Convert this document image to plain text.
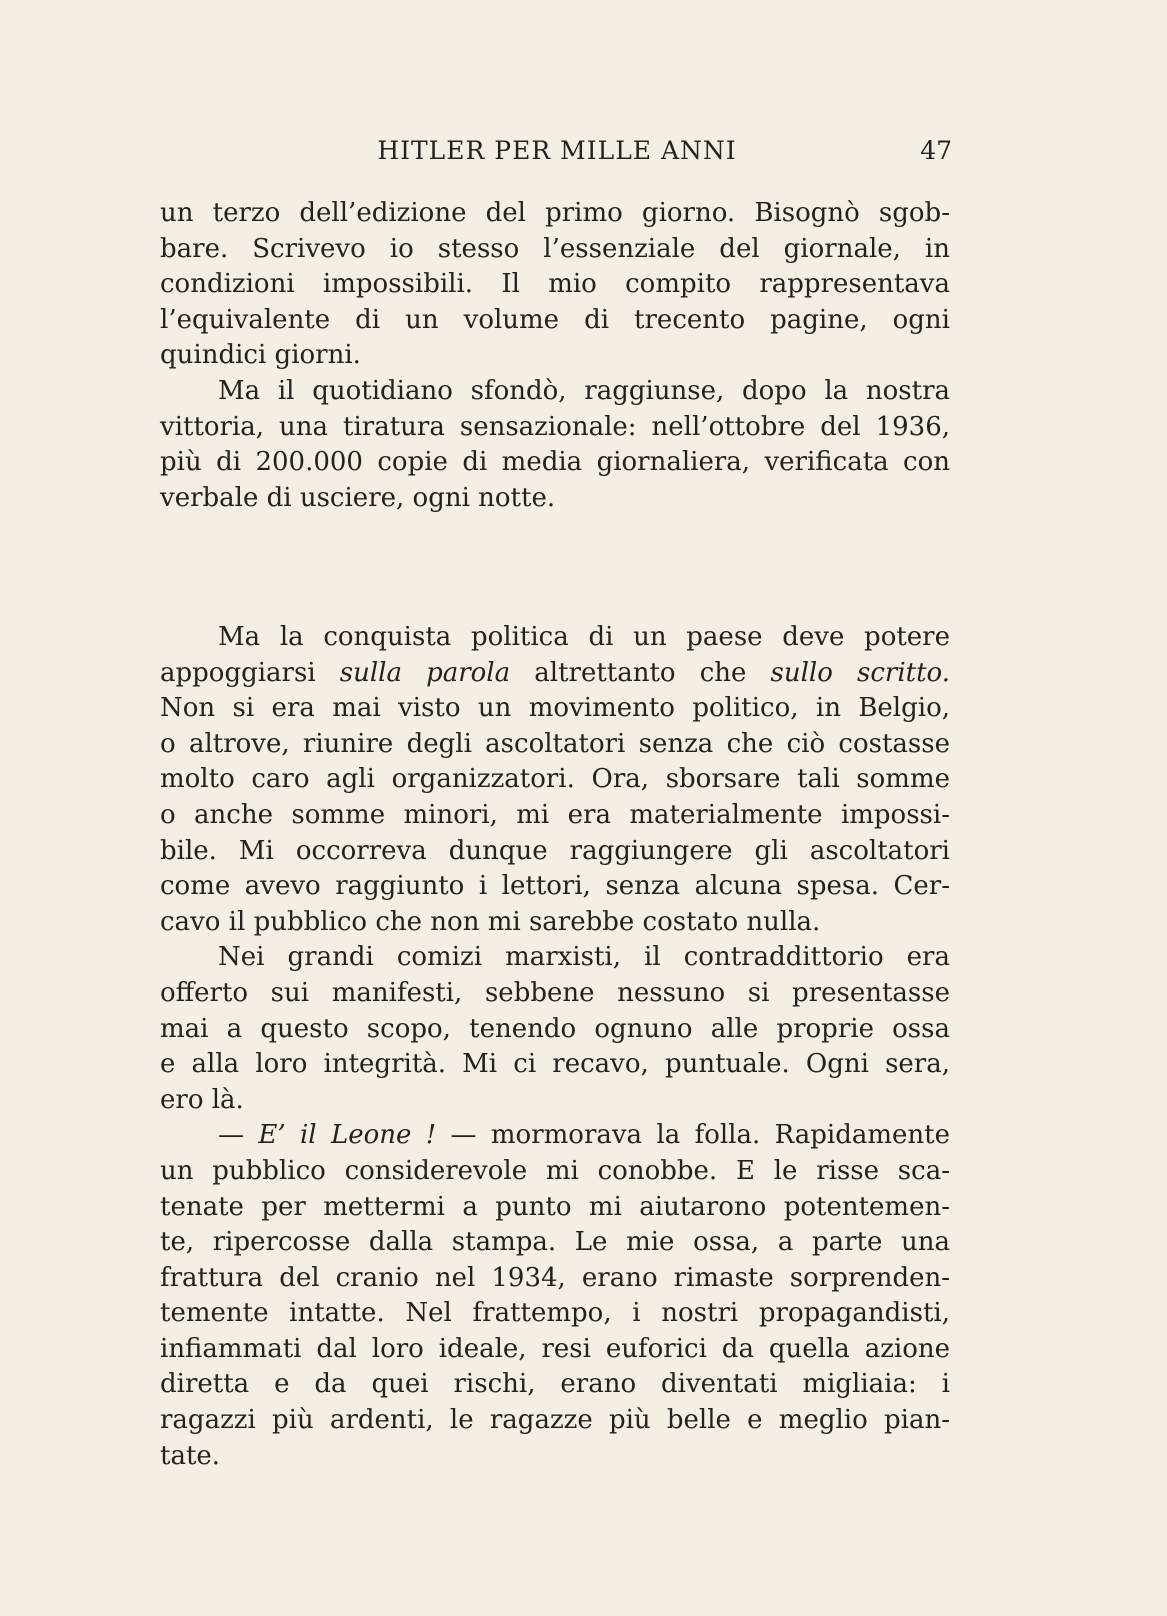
HITLER PER MILLE ANNI	47
un terzo dell’edizione del primo giorno. Bisognò sgob-
bare. Scrivevo io stesso l’essenziale del giornale, in
condizioni impossibili. Il mio compito rappresentava
l’equivalente di un volume di trecento pagine, ogni
quindici giorni.
Ma il quotidiano sfondò, raggiunse, dopo la nostra
vittoria, una tiratura sensazionale: nell’ottobre del 1936,
più di 200.000 copie di media giornaliera, verificata con
verbale di usciere, ogni notte.
Ma la conquista politica di un paese deve potere
appoggiarsi sulla parola altrettanto che sullo scritto.
Non si era mai visto un movimento politico, in Belgio,
o altrove, riunire degli ascoltatori senza che ciò costasse
molto caro agli organizzatori. Ora, sborsare tali somme
o anche somme minori, mi era materialmente impossi-
bile. Mi occorreva dunque raggiungere gli ascoltatori
come avevo raggiunto i lettori, senza alcuna spesa. Cer-
cavo il pubblico che non mi sarebbe costato nulla.
Nei grandi comizi marxisti, il contraddittorio era
offerto sui manifesti, sebbene nessuno si presentasse
mai a questo scopo, tenendo ognuno alle proprie ossa
e alla loro integrità. Mi ci recavo, puntuale. Ogni sera,
ero là.
— E’ il Leone ! — mormorava la folla. Rapidamente
un pubblico considerevole mi conobbe. E le risse sca-
tenate per mettermi a punto mi aiutarono potentemen-
te, ripercosse dalla stampa. Le mie ossa, a parte una
frattura del cranio nel 1934, erano rimaste sorprenden-
temente intatte. Nel frattempo, i nostri propagandisti,
infiammati dal loro ideale, resi euforici da quella azione
diretta e da quei rischi, erano diventati migliaia: i
ragazzi più ardenti, le ragazze più belle e meglio pian-
tate.
